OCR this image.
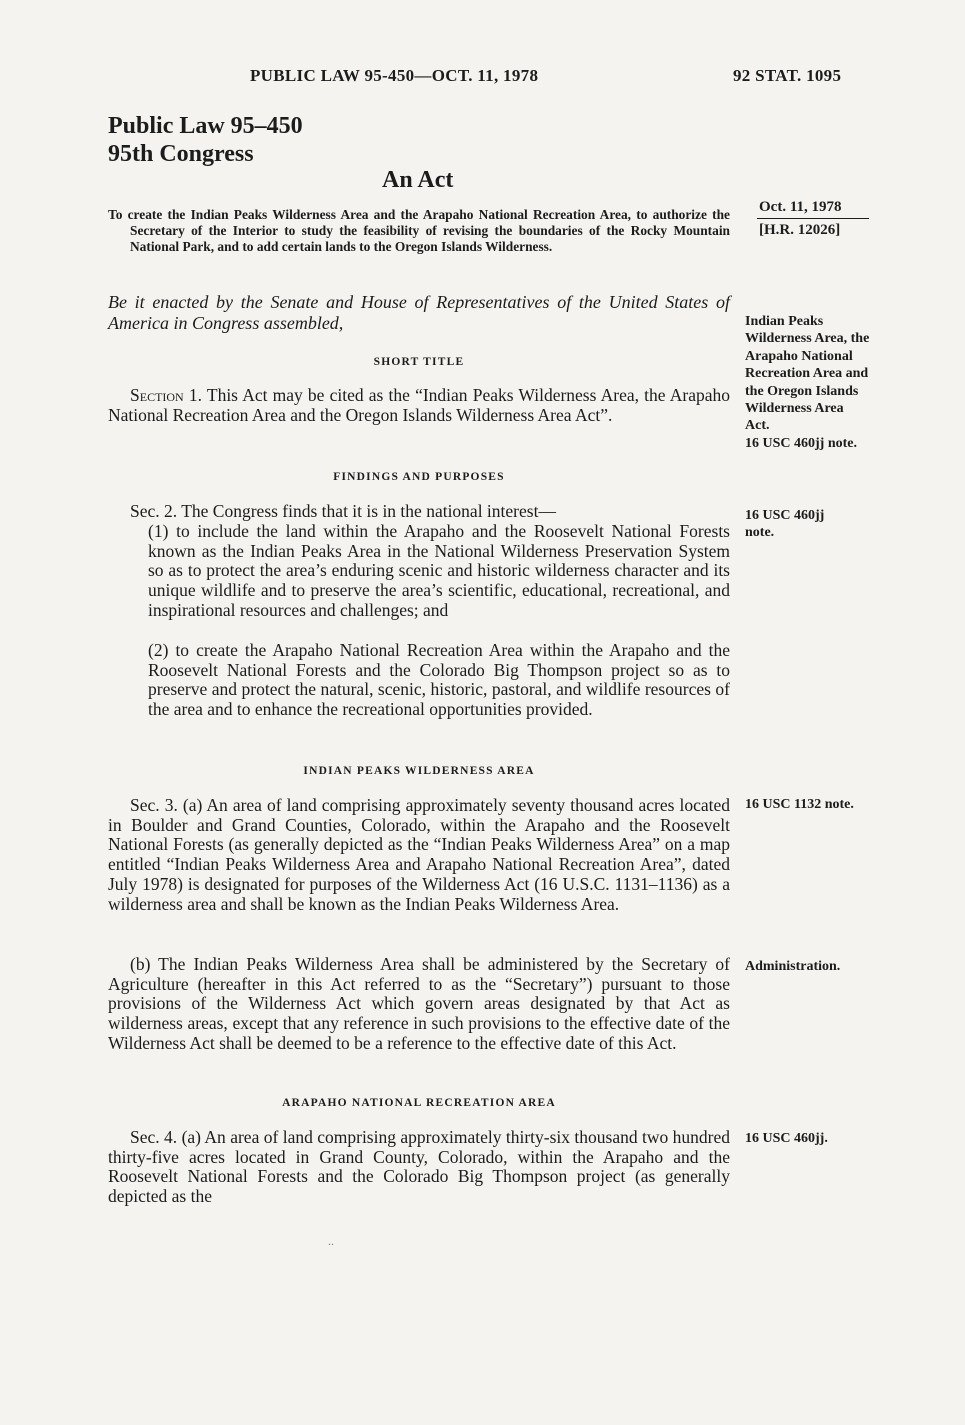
PUBLIC LAW 95-450—OCT. 11, 1978	92 STAT. 1095
Public Law 95–450
95th Congress
An Act
To create the Indian Peaks Wilderness Area and the Arapaho National Recreation Area, to authorize the Secretary of the Interior to study the feasibility of revising the boundaries of the Rocky Mountain National Park, and to add certain lands to the Oregon Islands Wilderness.
Oct. 11, 1978
[H.R. 12026]
Be it enacted by the Senate and House of Representatives of the United States of America in Congress assembled,
SHORT TITLE
Section 1. This Act may be cited as the “Indian Peaks Wilderness Area, the Arapaho National Recreation Area and the Oregon Islands Wilderness Area Act”.
FINDINGS AND PURPOSES
Sec. 2. The Congress finds that it is in the national interest—
(1) to include the land within the Arapaho and the Roosevelt National Forests known as the Indian Peaks Area in the National Wilderness Preservation System so as to protect the area’s enduring scenic and historic wilderness character and its unique wildlife and to preserve the area’s scientific, educational, recreational, and inspirational resources and challenges; and
(2) to create the Arapaho National Recreation Area within the Arapaho and the Roosevelt National Forests and the Colorado Big Thompson project so as to preserve and protect the natural, scenic, historic, pastoral, and wildlife resources of the area and to enhance the recreational opportunities provided.
INDIAN PEAKS WILDERNESS AREA
Sec. 3. (a) An area of land comprising approximately seventy thousand acres located in Boulder and Grand Counties, Colorado, within the Arapaho and the Roosevelt National Forests (as generally depicted as the “Indian Peaks Wilderness Area” on a map entitled “Indian Peaks Wilderness Area and Arapaho National Recreation Area”, dated July 1978) is designated for purposes of the Wilderness Act (16 U.S.C. 1131–1136) as a wilderness area and shall be known as the Indian Peaks Wilderness Area.
(b) The Indian Peaks Wilderness Area shall be administered by the Secretary of Agriculture (hereafter in this Act referred to as the “Secretary”) pursuant to those provisions of the Wilderness Act which govern areas designated by that Act as wilderness areas, except that any reference in such provisions to the effective date of the Wilderness Act shall be deemed to be a reference to the effective date of this Act.
ARAPAHO NATIONAL RECREATION AREA
Sec. 4. (a) An area of land comprising approximately thirty-six thousand two hundred thirty-five acres located in Grand County, Colorado, within the Arapaho and the Roosevelt National Forests and the Colorado Big Thompson project (as generally depicted as the
Indian Peaks Wilderness Area, the Arapaho National Recreation Area and the Oregon Islands Wilderness Area Act.
16 USC 460jj note.
16 USC 460jj note.
16 USC 1132 note.
Administration.
16 USC 460jj.
..
